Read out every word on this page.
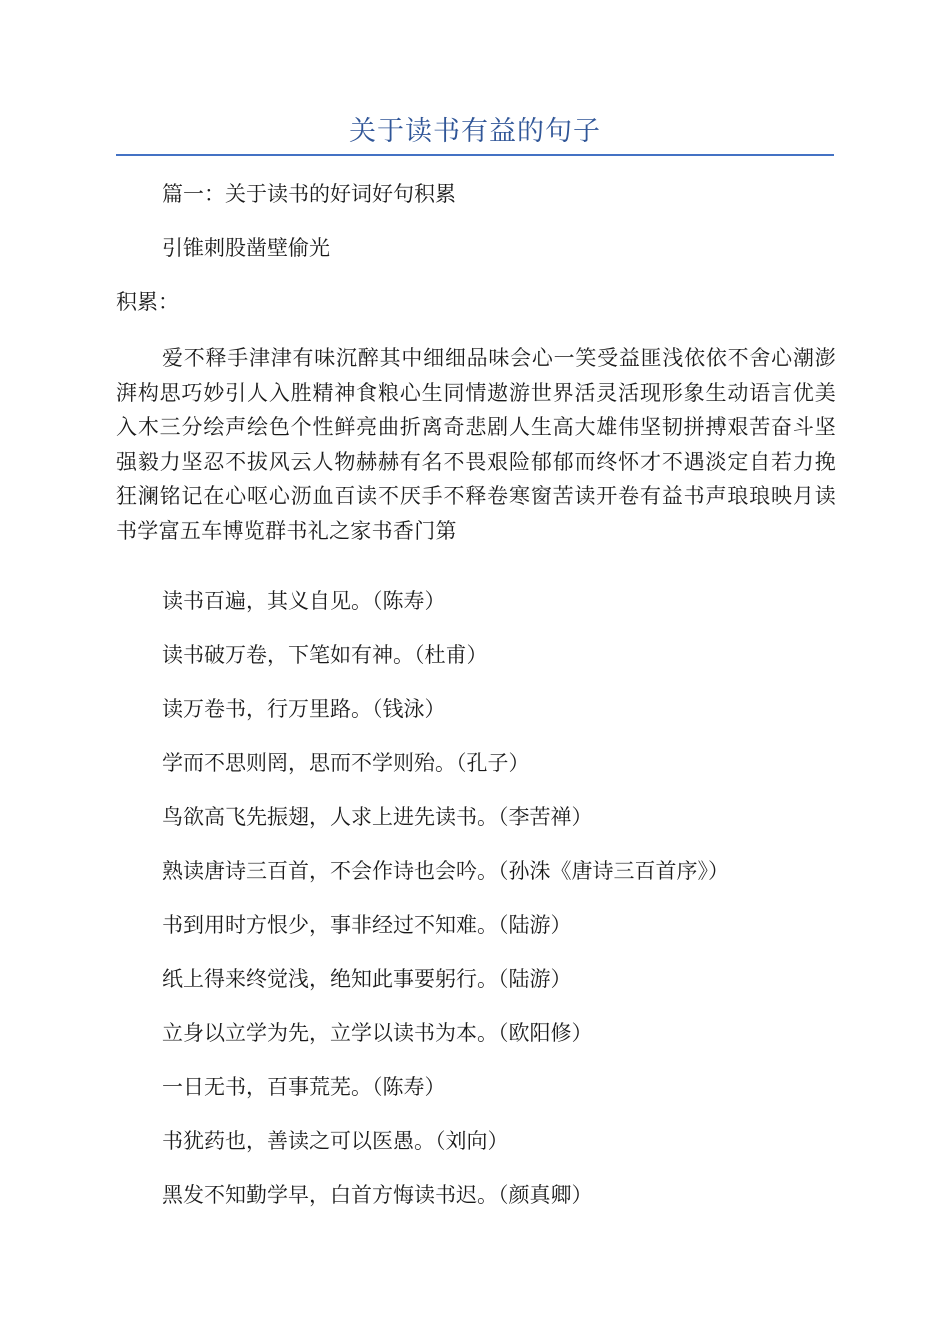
关于读书有益的句子
篇一：关于读书的好词好句积累
引锥刺股凿壁偷光
积累：
爱不释手津津有味沉醉其中细细品味会心一笑受益匪浅依依不舍心潮澎湃构思巧妙引人入胜精神食粮心生同情遨游世界活灵活现形象生动语言优美入木三分绘声绘色个性鲜亮曲折离奇悲剧人生高大雄伟坚韧拼搏艰苦奋斗坚强毅力坚忍不拔风云人物赫赫有名不畏艰险郁郁而终怀才不遇淡定自若力挽狂澜铭记在心呕心沥血百读不厌手不释卷寒窗苦读开卷有益书声琅琅映月读书学富五车博览群书礼之家书香门第
读书百遍，其义自见。（陈寿）
读书破万卷，下笔如有神。（杜甫）
读万卷书，行万里路。（钱泳）
学而不思则罔，思而不学则殆。（孔子）
鸟欲高飞先振翅，人求上进先读书。（李苦禅）
熟读唐诗三百首，不会作诗也会吟。（孙洙《唐诗三百首序》）
书到用时方恨少，事非经过不知难。（陆游）
纸上得来终觉浅，绝知此事要躬行。（陆游）
立身以立学为先，立学以读书为本。（欧阳修）
一日无书，百事荒芜。（陈寿）
书犹药也，善读之可以医愚。（刘向）
黑发不知勤学早，白首方悔读书迟。（颜真卿）
